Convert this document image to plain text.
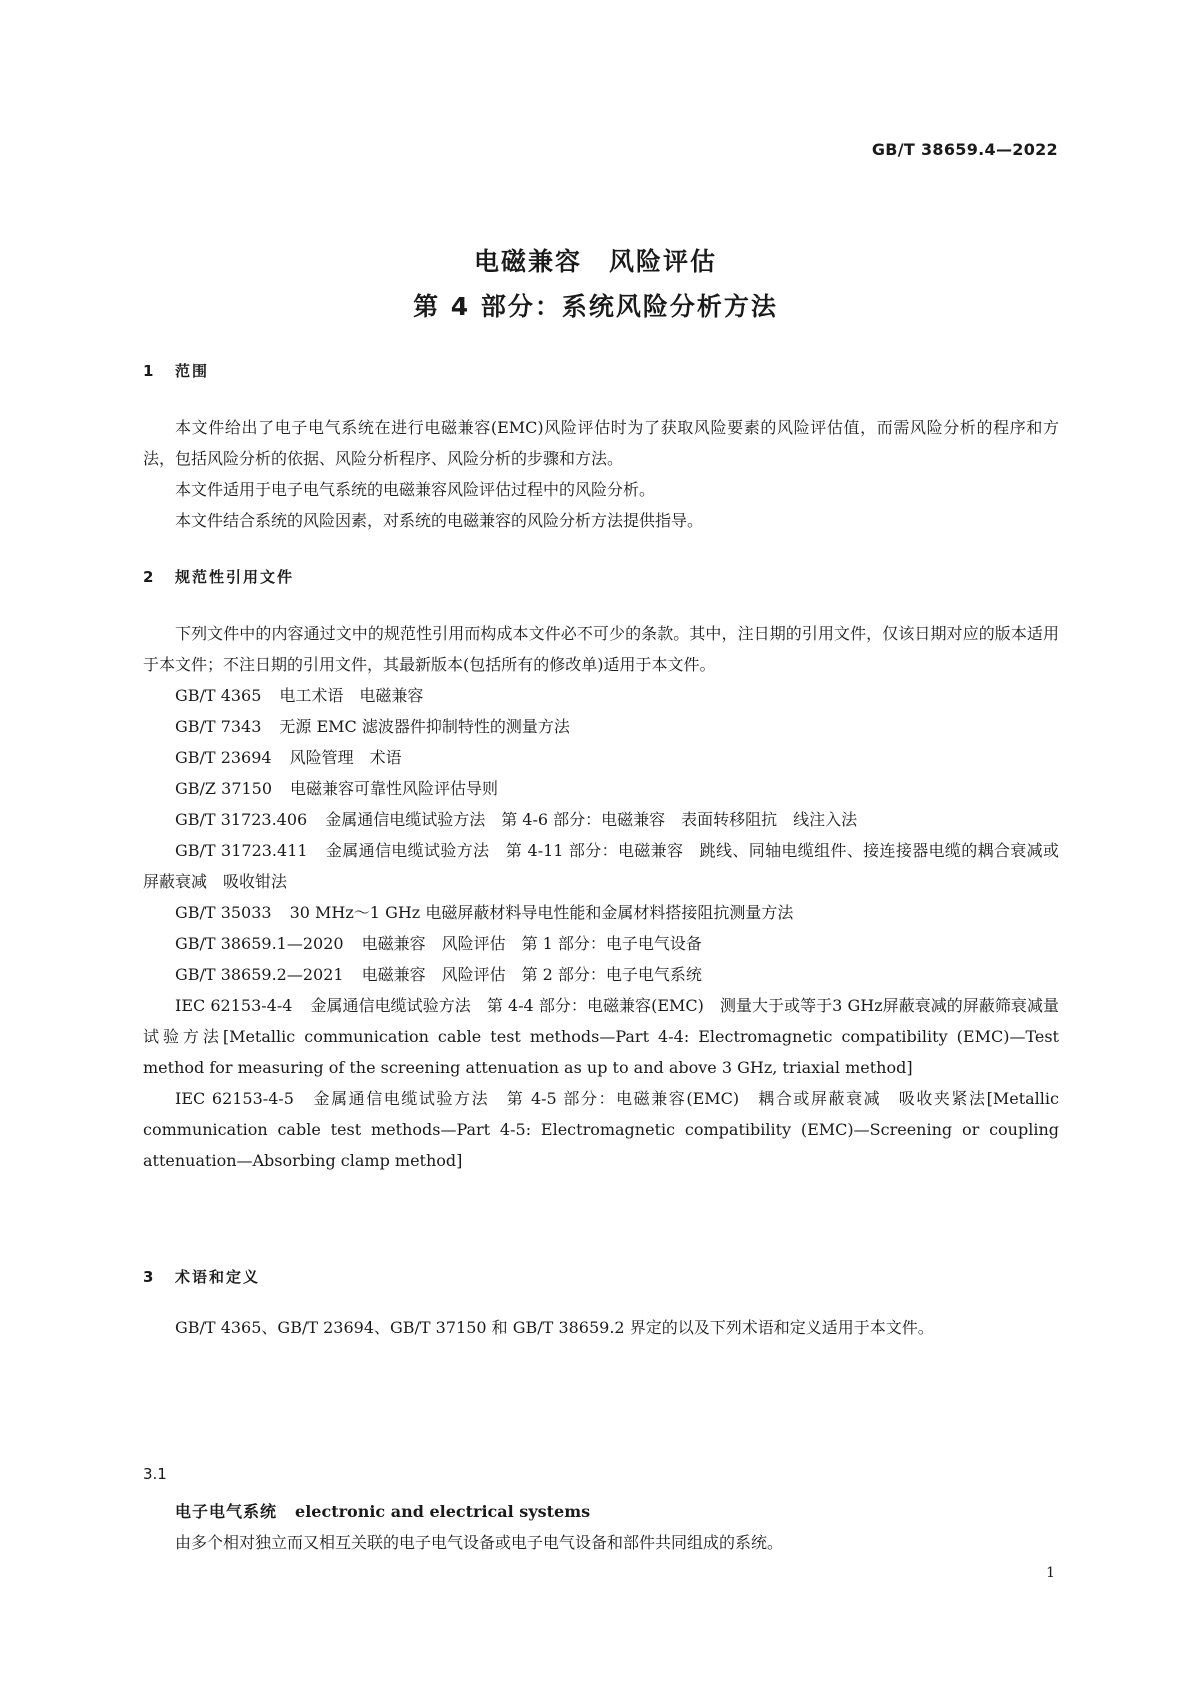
GB/T 38659.4—2022
电磁兼容　风险评估
第 4 部分：系统风险分析方法
1 范围

本文件给出了电子电气系统在进行电磁兼容(EMC)风险评估时为了获取风险要素的风险评估值，而需风险分析的程序和方法，包括风险分析的依据、风险分析程序、风险分析的步骤和方法。

本文件适用于电子电气系统的电磁兼容风险评估过程中的风险分析。

本文件结合系统的风险因素，对系统的电磁兼容的风险分析方法提供指导。

2 规范性引用文件

下列文件中的内容通过文中的规范性引用而构成本文件必不可少的条款。其中，注日期的引用文件，仅该日期对应的版本适用于本文件；不注日期的引用文件，其最新版本(包括所有的修改单)适用于本文件。

GB/T 4365 电工术语　电磁兼容

GB/T 7343 无源 EMC 滤波器件抑制特性的测量方法

GB/T 23694 风险管理　术语

GB/Z 37150 电磁兼容可靠性风险评估导则

GB/T 31723.406 金属通信电缆试验方法　第 4-6 部分：电磁兼容　表面转移阻抗　线注入法

GB/T 31723.411 金属通信电缆试验方法　第 4-11 部分：电磁兼容　跳线、同轴电缆组件、接连接器电缆的耦合衰减或屏蔽衰减　吸收钳法

GB/T 35033 30 MHz～1 GHz 电磁屏蔽材料导电性能和金属材料搭接阻抗测量方法

GB/T 38659.1—2020 电磁兼容　风险评估　第 1 部分：电子电气设备

GB/T 38659.2—2021 电磁兼容　风险评估　第 2 部分：电子电气系统

IEC 62153-4-4 金属通信电缆试验方法　第 4-4 部分：电磁兼容(EMC)　测量大于或等于3 GHz屏蔽衰减的屏蔽筛衰减量试验方法[Metallic communication cable test methods—Part 4-4: Electromagnetic compatibility (EMC)—Test method for measuring of the screening attenuation as up to and above 3 GHz, triaxial method]

IEC 62153-4-5 金属通信电缆试验方法　第 4-5 部分：电磁兼容(EMC)　耦合或屏蔽衰减　吸收夹紧法[Metallic communication cable test methods—Part 4-5: Electromagnetic compatibility (EMC)—Screening or coupling attenuation—Absorbing clamp method]

3 术语和定义

GB/T 4365、GB/T 23694、GB/T 37150 和 GB/T 38659.2 界定的以及下列术语和定义适用于本文件。

3.1
电子电气系统 electronic and electrical systems
由多个相对独立而又相互关联的电子电气设备或电子电气设备和部件共同组成的系统。
1
